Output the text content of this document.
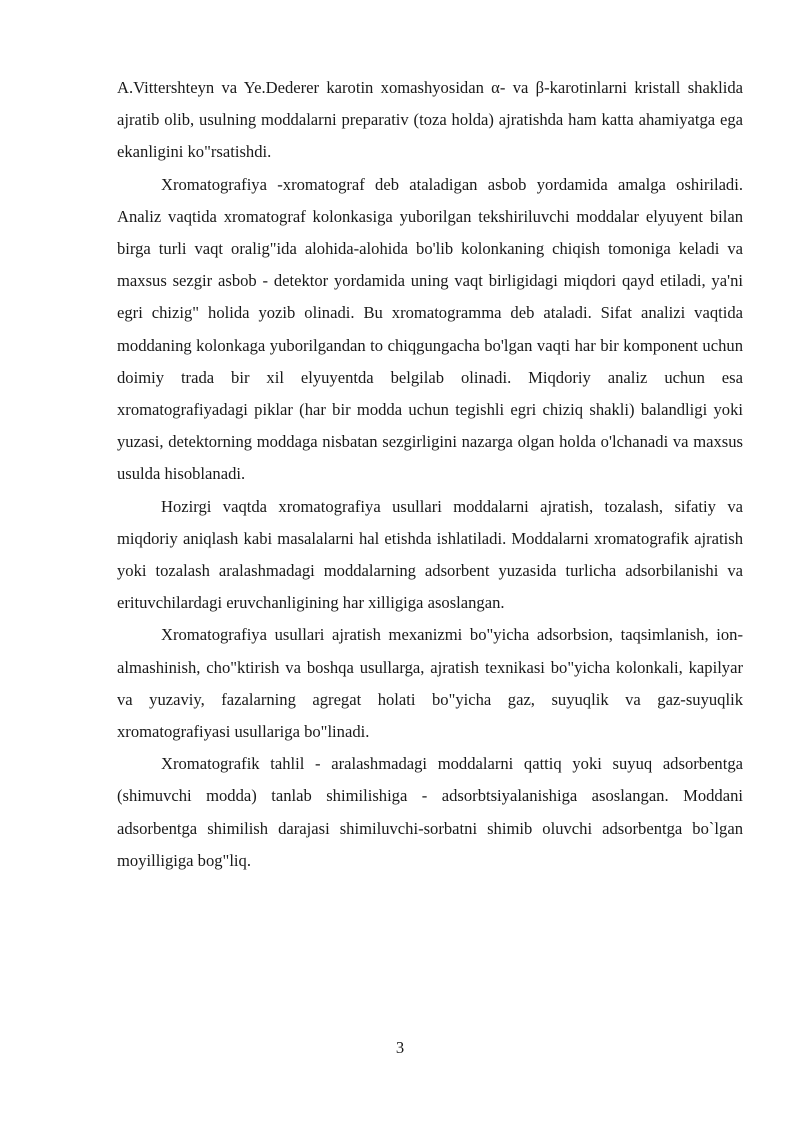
A.Vittershteyn va Ye.Dederer karotin xomashyosidan α- va β-karotinlarni kristall shaklida ajratib olib, usulning moddalarni preparativ (toza holda) ajratishda ham katta ahamiyatga ega ekanligini ko"rsatishdi.

Xromatografiya -xromatograf deb ataladigan asbob yordamida amalga oshiriladi. Analiz vaqtida xromatograf kolonkasiga yuborilgan tekshiriluvchi moddalar elyuyent bilan birga turli vaqt oralig"ida alohida-alohida bo'lib kolonkaning chiqish tomoniga keladi va maxsus sezgir asbob - detektor yordamida uning vaqt birligidagi miqdori qayd etiladi, ya'ni egri chizig" holida yozib olinadi. Bu xromatogramma deb ataladi. Sifat analizi vaqtida moddaning kolonkaga yuborilgandan to chiqgungacha bo'lgan vaqti har bir komponent uchun doimiy trada bir xil elyuyentda belgilab olinadi. Miqdoriy analiz uchun esa xromatografiyadagi piklar (har bir modda uchun tegishli egri chiziq shakli) balandligi yoki yuzasi, detektorning moddaga nisbatan sezgirligini nazarga olgan holda o'lchanadi va maxsus usulda hisoblanadi.

Hozirgi vaqtda xromatografiya usullari moddalarni ajratish, tozalash, sifatiy va miqdoriy aniqlash kabi masalalarni hal etishda ishlatiladi. Moddalarni xromatografik ajratish yoki tozalash aralashmadagi moddalarning adsorbent yuzasida turlicha adsorbilanishi va erituvchilardagi eruvchanligining har xilligiga asoslangan.

Xromatografiya usullari ajratish mexanizmi bo"yicha adsorbsion, taqsimlanish, ion-almashinish, cho"ktirish va boshqa usullarga, ajratish texnikasi bo"yicha kolonkali, kapilyar va yuzaviy, fazalarning agregat holati bo"yicha gaz, suyuqlik va gaz-suyuqlik xromatografiyasi usullariga bo"linadi.

Xromatografik tahlil - aralashmadagi moddalarni qattiq yoki suyuq adsorbentga (shimuvchi modda) tanlab shimilishiga - adsorbtsiyalanishiga asoslangan. Moddani adsorbentga shimilish darajasi shimiluvchi-sorbatni shimib oluvchi adsorbentga bo`lgan moyilligiga bog"liq.

3
